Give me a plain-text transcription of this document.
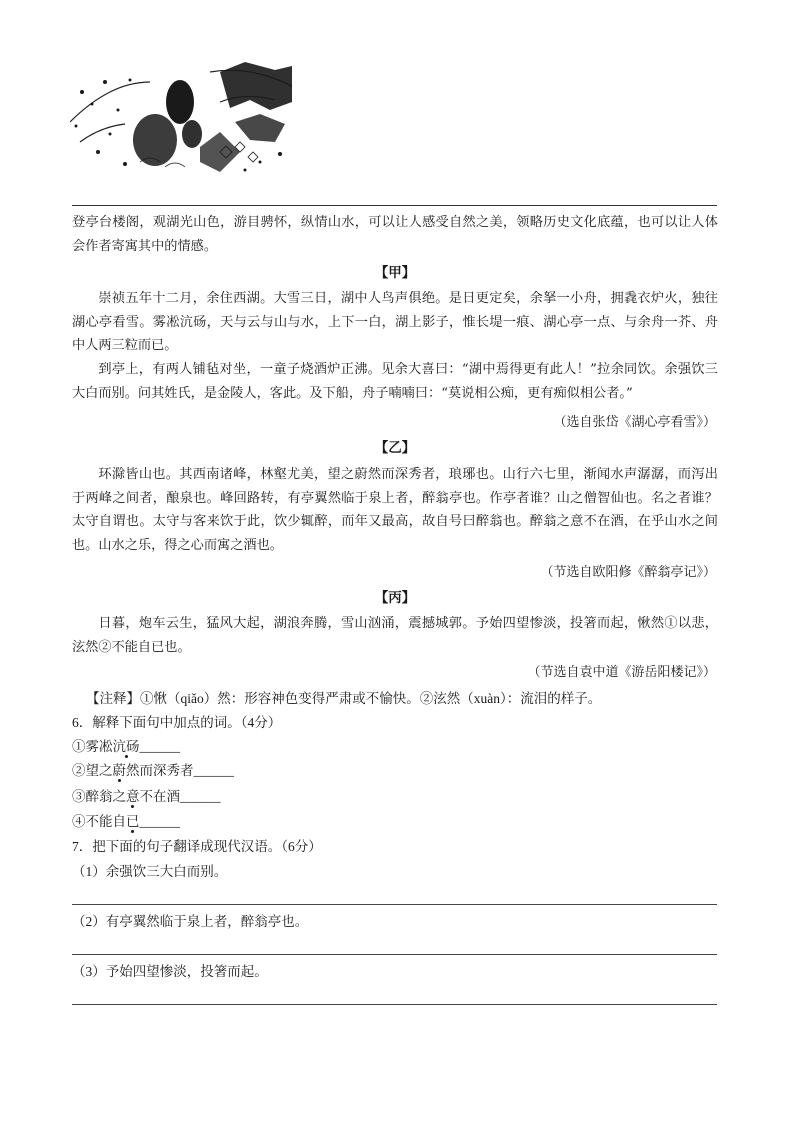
登亭台楼阁，观湖光山色，游目骋怀，纵情山水，可以让人感受自然之美，领略历史文化底蕴，也可以让人体会作者寄寓其中的情感。
【甲】
崇祯五年十二月，余住西湖。大雪三日，湖中人鸟声俱绝。是日更定矣，余拏一小舟，拥毳衣炉火，独往湖心亭看雪。雾凇沆砀，天与云与山与水，上下一白，湖上影子，惟长堤一痕、湖心亭一点、与余舟一芥、舟中人两三粒而已。
到亭上，有两人铺毡对坐，一童子烧酒炉正沸。见余大喜曰：“湖中焉得更有此人！”拉余同饮。余强饮三大白而别。问其姓氏，是金陵人，客此。及下船，舟子喃喃曰：“莫说相公痴，更有痴似相公者。”
（选自张岱《湖心亭看雪》）
【乙】
环滁皆山也。其西南诸峰，林壑尤美，望之蔚然而深秀者，琅琊也。山行六七里，渐闻水声潺潺，而泻出于两峰之间者，酿泉也。峰回路转，有亭翼然临于泉上者，醉翁亭也。作亭者谁？山之僧智仙也。名之者谁？太守自谓也。太守与客来饮于此，饮少辄醉，而年又最高，故自号曰醉翁也。醉翁之意不在酒，在乎山水之间也。山水之乐，得之心而寓之酒也。
（节选自欧阳修《醉翁亭记》）
【丙】
日暮，炮车云生，猛风大起，湖浪奔腾，雪山汹涌，震撼城郭。予始四望惨淡，投箸而起，愀然①以悲，泫然②不能自已也。
（节选自袁中道《游岳阳楼记》）
【注释】①愀（qiǎo）然：形容神色变得严肃或不愉快。②泫然（xuàn）：流泪的样子。
6．解释下面句中加点的词。（4分）
①雾凇沆砀______
②望之蔚然而深秀者______
③醉翁之意不在酒______
④不能自已______
7．把下面的句子翻译成现代汉语。（6分）
（1）余强饮三大白而别。
（2）有亭翼然临于泉上者，醉翁亭也。
（3）予始四望惨淡，投箸而起。
